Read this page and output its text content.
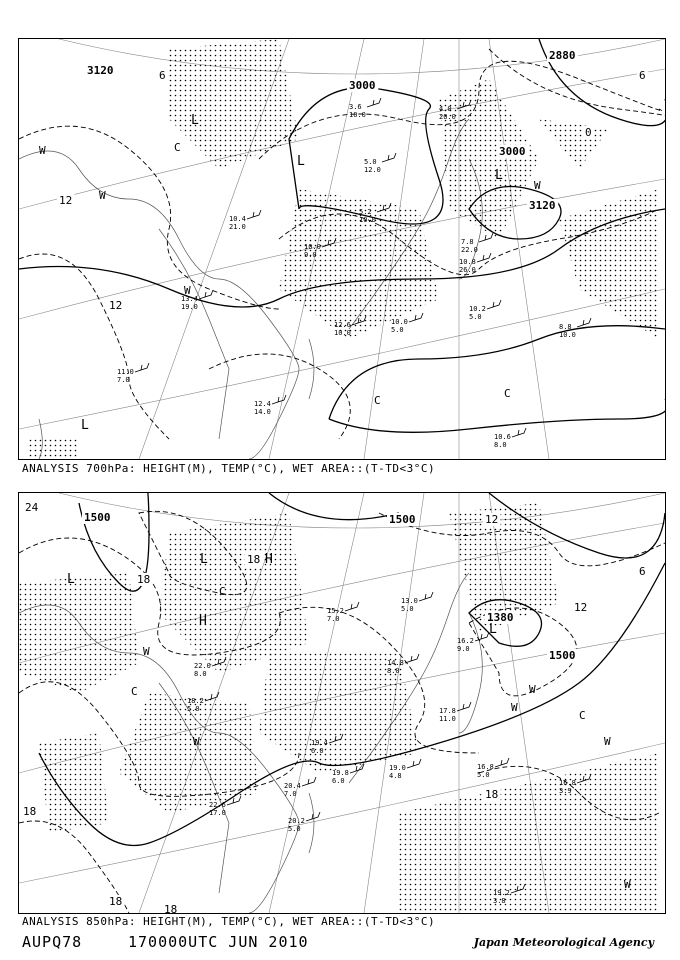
3120
3000
2880
3000
3120
L
L
L
L
12
12
0
6	6
W
W
W
W
C
C
C
10.6
8.0
8.8
10.0
10.2
5.0
10.0
5.0
12.4
14.0
13.4
19.0
11.0
7.0
12.6
10.0
10.8
26.0
7.8
22.0
5.0
12.0
5.2
10.0
3.6
10.0
4.0
20.0
10.4
21.0
10.0
9.0
ANALYSIS 700hPa: HEIGHT(M), TEMP(°C), WET AREA::(T-TD<3°C)
1500
1500
1380
1500
L
L
L
H
H
24
18
18
18
18
12
12
6
18
18
W
W
W
W
W
C
C
C
W
19.2
3.8
16.8
3.9
16.8
5.0
19.0
4.8
19.8
6.0
20.2
5.0
20.4
7.0
22.6
17.0
19.4
6.0
14.8
8.0
15.2
7.0
13.0
5.0
18.2
5.0
22.0
8.0
16.2
9.0
17.8
11.0
ANALYSIS 850hPa: HEIGHT(M), TEMP(°C), WET AREA::(T-TD<3°C)
AUPQ78	170000UTC JUN 2010	Japan Meteorological Agency
